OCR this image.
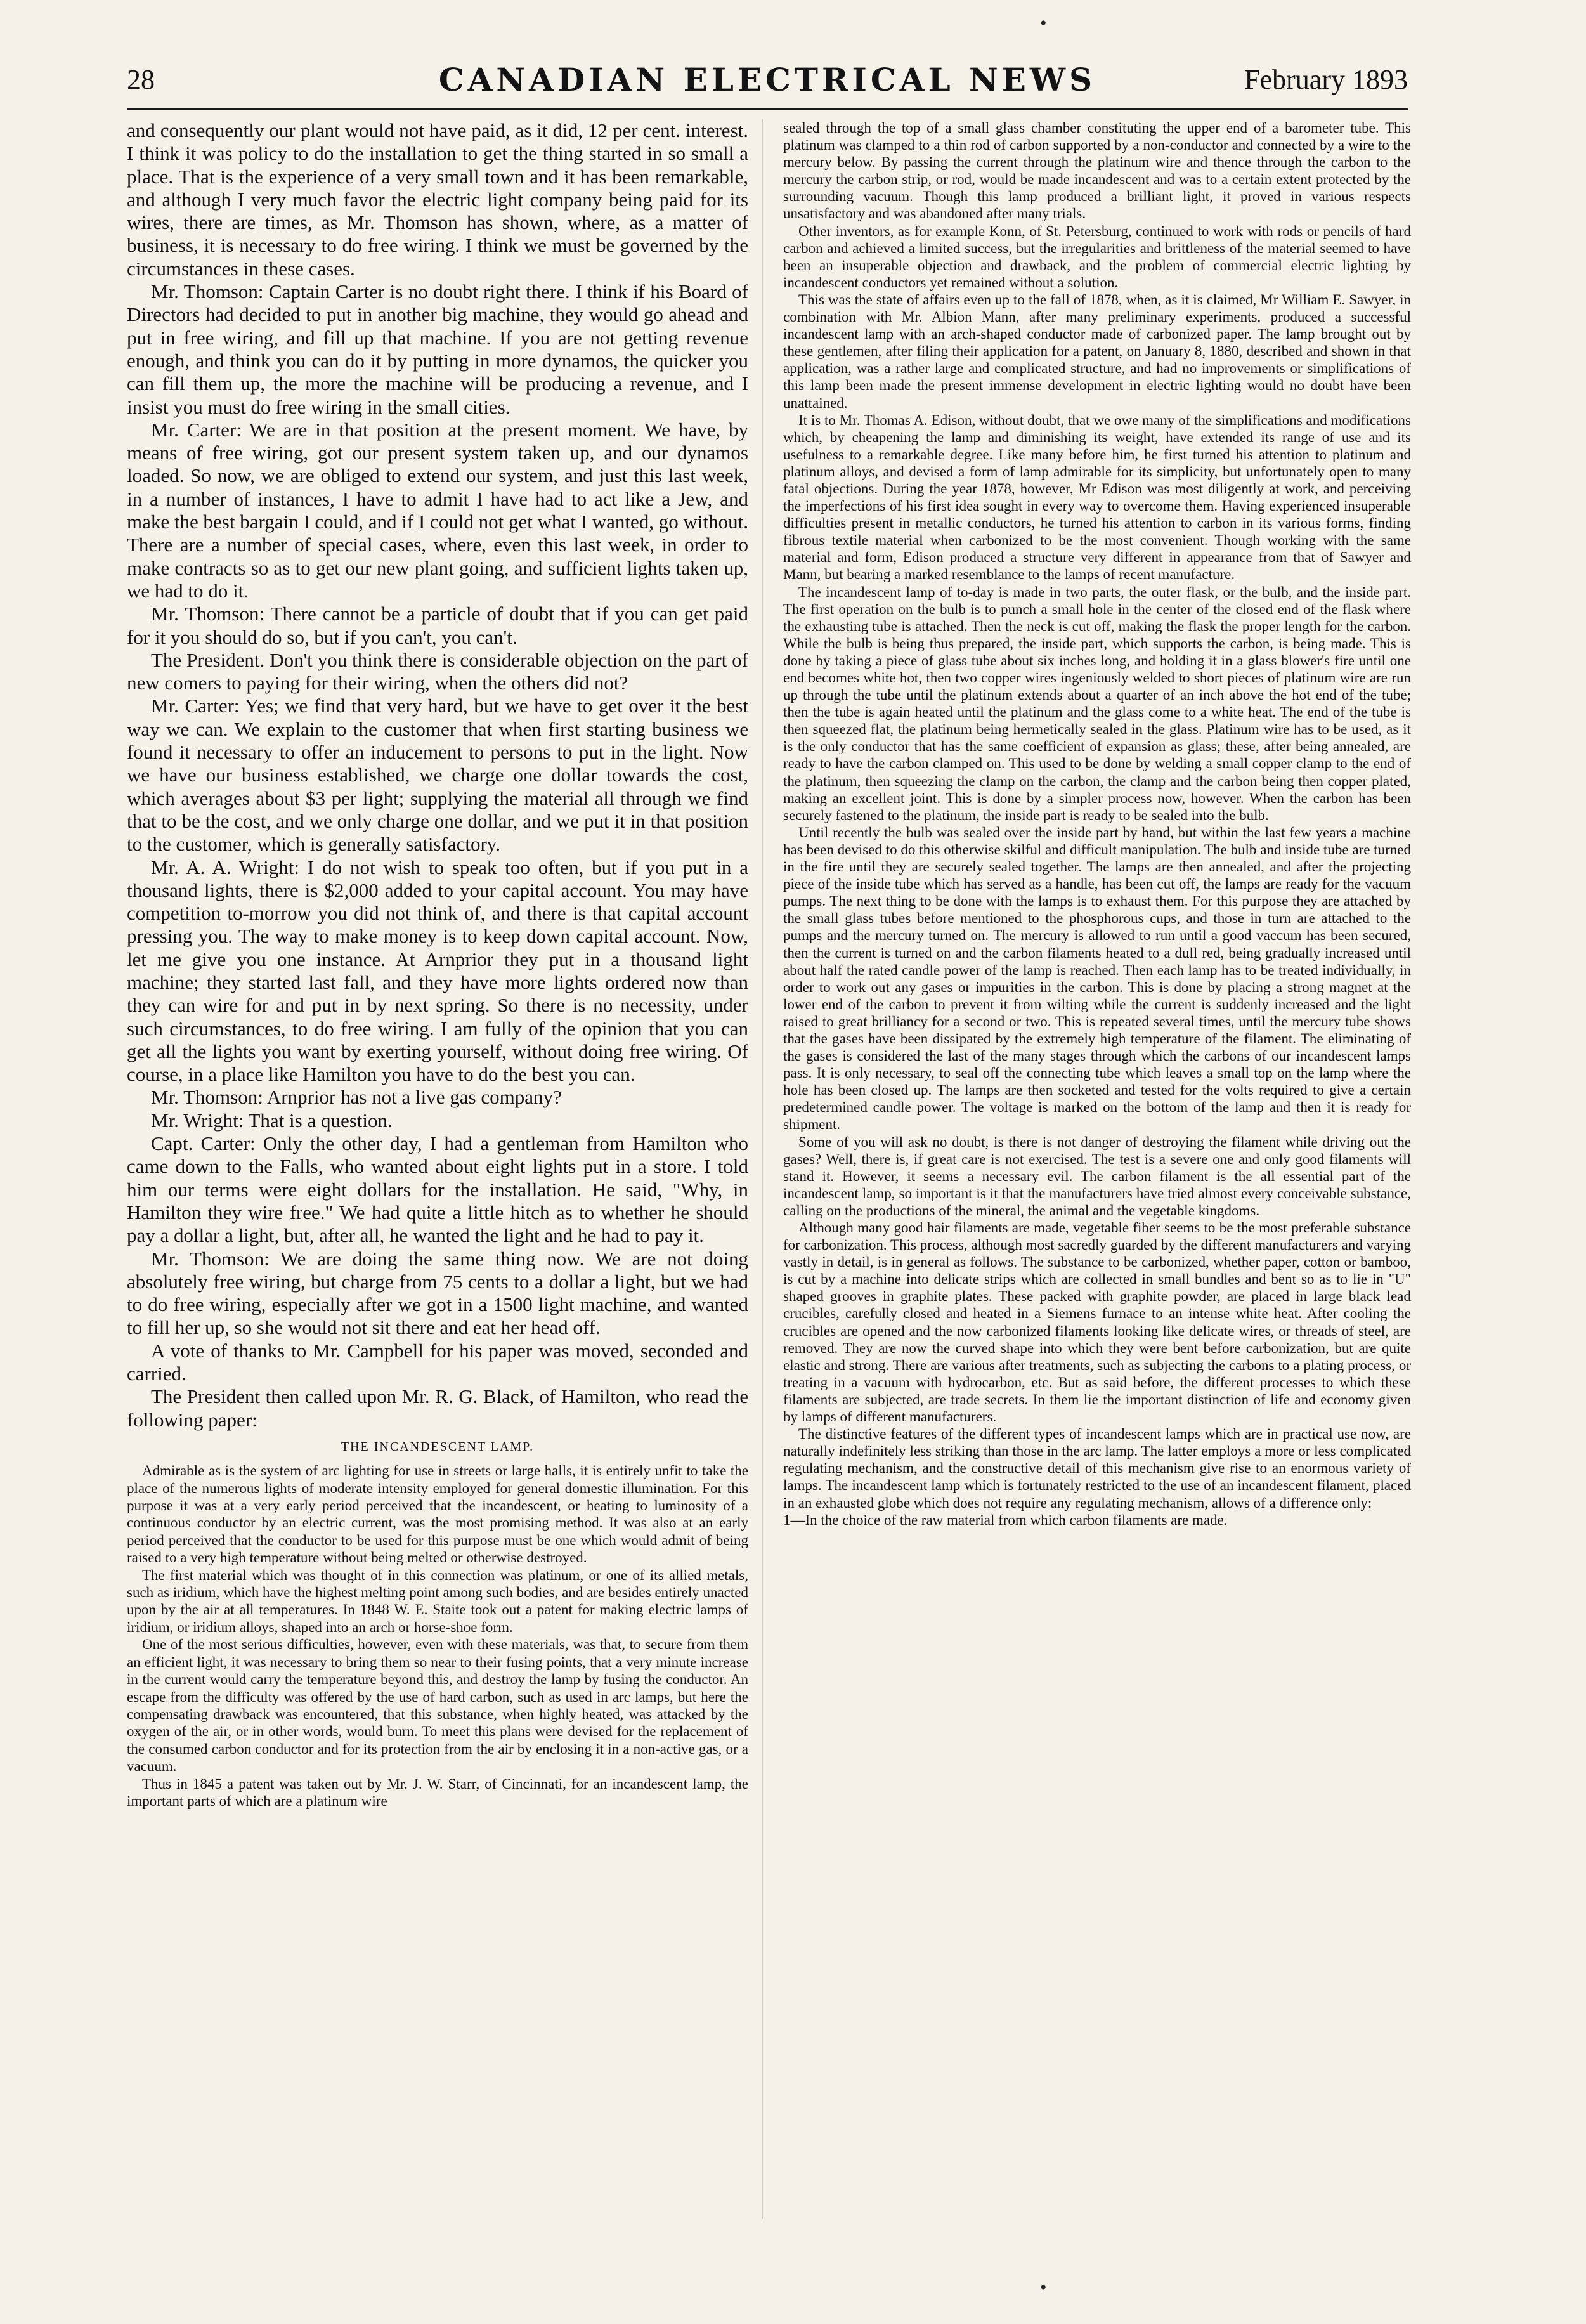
28	CANADIAN ELECTRICAL NEWS	February 1893

and consequently our plant would not have paid, as it did, 12 per cent. interest. I think it was policy to do the installation to get the thing started in so small a place. That is the experience of a very small town and it has been remarkable, and although I very much favor the electric light company being paid for its wires, there are times, as Mr. Thomson has shown, where, as a matter of business, it is necessary to do free wiring. I think we must be governed by the circumstances in these cases.

Mr. Thomson: Captain Carter is no doubt right there. I think if his Board of Directors had decided to put in another big machine, they would go ahead and put in free wiring, and fill up that machine. If you are not getting revenue enough, and think you can do it by putting in more dynamos, the quicker you can fill them up, the more the machine will be producing a revenue, and I insist you must do free wiring in the small cities.

Mr. Carter: We are in that position at the present moment. We have, by means of free wiring, got our present system taken up, and our dynamos loaded. So now, we are obliged to extend our system, and just this last week, in a number of instances, I have to admit I have had to act like a Jew, and make the best bargain I could, and if I could not get what I wanted, go without. There are a number of special cases, where, even this last week, in order to make contracts so as to get our new plant going, and sufficient lights taken up, we had to do it.

Mr. Thomson: There cannot be a particle of doubt that if you can get paid for it you should do so, but if you can't, you can't.

The President. Don't you think there is considerable objection on the part of new comers to paying for their wiring, when the others did not?

Mr. Carter: Yes; we find that very hard, but we have to get over it the best way we can. We explain to the customer that when first starting business we found it necessary to offer an inducement to persons to put in the light. Now we have our business established, we charge one dollar towards the cost, which averages about $3 per light; supplying the material all through we find that to be the cost, and we only charge one dollar, and we put it in that position to the customer, which is generally satisfactory.

Mr. A. A. Wright: I do not wish to speak too often, but if you put in a thousand lights, there is $2,000 added to your capital account. You may have competition to-morrow you did not think of, and there is that capital account pressing you. The way to make money is to keep down capital account. Now, let me give you one instance. At Arnprior they put in a thousand light machine; they started last fall, and they have more lights ordered now than they can wire for and put in by next spring. So there is no necessity, under such circumstances, to do free wiring. I am fully of the opinion that you can get all the lights you want by exerting yourself, without doing free wiring. Of course, in a place like Hamilton you have to do the best you can.

Mr. Thomson: Arnprior has not a live gas company?

Mr. Wright: That is a question.

Capt. Carter: Only the other day, I had a gentleman from Hamilton who came down to the Falls, who wanted about eight lights put in a store. I told him our terms were eight dollars for the installation. He said, "Why, in Hamilton they wire free." We had quite a little hitch as to whether he should pay a dollar a light, but, after all, he wanted the light and he had to pay it.

Mr. Thomson: We are doing the same thing now. We are not doing absolutely free wiring, but charge from 75 cents to a dollar a light, but we had to do free wiring, especially after we got in a 1500 light machine, and wanted to fill her up, so she would not sit there and eat her head off.

A vote of thanks to Mr. Campbell for his paper was moved, seconded and carried.

The President then called upon Mr. R. G. Black, of Hamilton, who read the following paper:

THE INCANDESCENT LAMP.

Admirable as is the system of arc lighting for use in streets or large halls, it is entirely unfit to take the place of the numerous lights of moderate intensity employed for general domestic illumination. For this purpose it was at a very early period perceived that the incandescent, or heating to luminosity of a continuous conductor by an electric current, was the most promising method. It was also at an early period perceived that the conductor to be used for this purpose must be one which would admit of being raised to a very high temperature without being melted or otherwise destroyed.

The first material which was thought of in this connection was platinum, or one of its allied metals, such as iridium, which have the highest melting point among such bodies, and are besides entirely unacted upon by the air at all temperatures. In 1848 W. E. Staite took out a patent for making electric lamps of iridium, or iridium alloys, shaped into an arch or horse-shoe form.

One of the most serious difficulties, however, even with these materials, was that, to secure from them an efficient light, it was necessary to bring them so near to their fusing points, that a very minute increase in the current would carry the temperature beyond this, and destroy the lamp by fusing the conductor. An escape from the difficulty was offered by the use of hard carbon, such as used in arc lamps, but here the compensating drawback was encountered, that this substance, when highly heated, was attacked by the oxygen of the air, or in other words, would burn. To meet this plans were devised for the replacement of the consumed carbon conductor and for its protection from the air by enclosing it in a non-active gas, or a vacuum.

Thus in 1845 a patent was taken out by Mr. J. W. Starr, of Cincinnati, for an incandescent lamp, the important parts of which are a platinum wire

sealed through the top of a small glass chamber constituting the upper end of a barometer tube. This platinum was clamped to a thin rod of carbon supported by a non-conductor and connected by a wire to the mercury below. By passing the current through the platinum wire and thence through the carbon to the mercury the carbon strip, or rod, would be made incandescent and was to a certain extent protected by the surrounding vacuum. Though this lamp produced a brilliant light, it proved in various respects unsatisfactory and was abandoned after many trials.

Other inventors, as for example Konn, of St. Petersburg, continued to work with rods or pencils of hard carbon and achieved a limited success, but the irregularities and brittleness of the material seemed to have been an insuperable objection and drawback, and the problem of commercial electric lighting by incandescent conductors yet remained without a solution.

This was the state of affairs even up to the fall of 1878, when, as it is claimed, Mr William E. Sawyer, in combination with Mr. Albion Mann, after many preliminary experiments, produced a successful incandescent lamp with an arch-shaped conductor made of carbonized paper. The lamp brought out by these gentlemen, after filing their application for a patent, on January 8, 1880, described and shown in that application, was a rather large and complicated structure, and had no improvements or simplifications of this lamp been made the present immense development in electric lighting would no doubt have been unattained.

It is to Mr. Thomas A. Edison, without doubt, that we owe many of the simplifications and modifications which, by cheapening the lamp and diminishing its weight, have extended its range of use and its usefulness to a remarkable degree. Like many before him, he first turned his attention to platinum and platinum alloys, and devised a form of lamp admirable for its simplicity, but unfortunately open to many fatal objections. During the year 1878, however, Mr Edison was most diligently at work, and perceiving the imperfections of his first idea sought in every way to overcome them. Having experienced insuperable difficulties present in metallic conductors, he turned his attention to carbon in its various forms, finding fibrous textile material when carbonized to be the most convenient. Though working with the same material and form, Edison produced a structure very different in appearance from that of Sawyer and Mann, but bearing a marked resemblance to the lamps of recent manufacture.

The incandescent lamp of to-day is made in two parts, the outer flask, or the bulb, and the inside part. The first operation on the bulb is to punch a small hole in the center of the closed end of the flask where the exhausting tube is attached. Then the neck is cut off, making the flask the proper length for the carbon. While the bulb is being thus prepared, the inside part, which supports the carbon, is being made. This is done by taking a piece of glass tube about six inches long, and holding it in a glass blower's fire until one end becomes white hot, then two copper wires ingeniously welded to short pieces of platinum wire are run up through the tube until the platinum extends about a quarter of an inch above the hot end of the tube; then the tube is again heated until the platinum and the glass come to a white heat. The end of the tube is then squeezed flat, the platinum being hermetically sealed in the glass. Platinum wire has to be used, as it is the only conductor that has the same coefficient of expansion as glass; these, after being annealed, are ready to have the carbon clamped on. This used to be done by welding a small copper clamp to the end of the platinum, then squeezing the clamp on the carbon, the clamp and the carbon being then copper plated, making an excellent joint. This is done by a simpler process now, however. When the carbon has been securely fastened to the platinum, the inside part is ready to be sealed into the bulb.

Until recently the bulb was sealed over the inside part by hand, but within the last few years a machine has been devised to do this otherwise skilful and difficult manipulation. The bulb and inside tube are turned in the fire until they are securely sealed together. The lamps are then annealed, and after the projecting piece of the inside tube which has served as a handle, has been cut off, the lamps are ready for the vacuum pumps. The next thing to be done with the lamps is to exhaust them. For this purpose they are attached by the small glass tubes before mentioned to the phosphorous cups, and those in turn are attached to the pumps and the mercury turned on. The mercury is allowed to run until a good vaccum has been secured, then the current is turned on and the carbon filaments heated to a dull red, being gradually increased until about half the rated candle power of the lamp is reached. Then each lamp has to be treated individually, in order to work out any gases or impurities in the carbon. This is done by placing a strong magnet at the lower end of the carbon to prevent it from wilting while the current is suddenly increased and the light raised to great brilliancy for a second or two. This is repeated several times, until the mercury tube shows that the gases have been dissipated by the extremely high temperature of the filament. The eliminating of the gases is considered the last of the many stages through which the carbons of our incandescent lamps pass. It is only necessary, to seal off the connecting tube which leaves a small top on the lamp where the hole has been closed up. The lamps are then socketed and tested for the volts required to give a certain predetermined candle power. The voltage is marked on the bottom of the lamp and then it is ready for shipment.

Some of you will ask no doubt, is there is not danger of destroying the filament while driving out the gases? Well, there is, if great care is not exercised. The test is a severe one and only good filaments will stand it. However, it seems a necessary evil. The carbon filament is the all essential part of the incandescent lamp, so important is it that the manufacturers have tried almost every conceivable substance, calling on the productions of the mineral, the animal and the vegetable kingdoms.

Although many good hair filaments are made, vegetable fiber seems to be the most preferable substance for carbonization. This process, although most sacredly guarded by the different manufacturers and varying vastly in detail, is in general as follows. The substance to be carbonized, whether paper, cotton or bamboo, is cut by a machine into delicate strips which are collected in small bundles and bent so as to lie in "U" shaped grooves in graphite plates. These packed with graphite powder, are placed in large black lead crucibles, carefully closed and heated in a Siemens furnace to an intense white heat. After cooling the crucibles are opened and the now carbonized filaments looking like delicate wires, or threads of steel, are removed. They are now the curved shape into which they were bent before carbonization, but are quite elastic and strong. There are various after treatments, such as subjecting the carbons to a plating process, or treating in a vacuum with hydrocarbon, etc. But as said before, the different processes to which these filaments are subjected, are trade secrets. In them lie the important distinction of life and economy given by lamps of different manufacturers.

The distinctive features of the different types of incandescent lamps which are in practical use now, are naturally indefinitely less striking than those in the arc lamp. The latter employs a more or less complicated regulating mechanism, and the constructive detail of this mechanism give rise to an enormous variety of lamps. The incandescent lamp which is fortunately restricted to the use of an incandescent filament, placed in an exhausted globe which does not require any regulating mechanism, allows of a difference only:

1—In the choice of the raw material from which carbon filaments are made.

•
•
